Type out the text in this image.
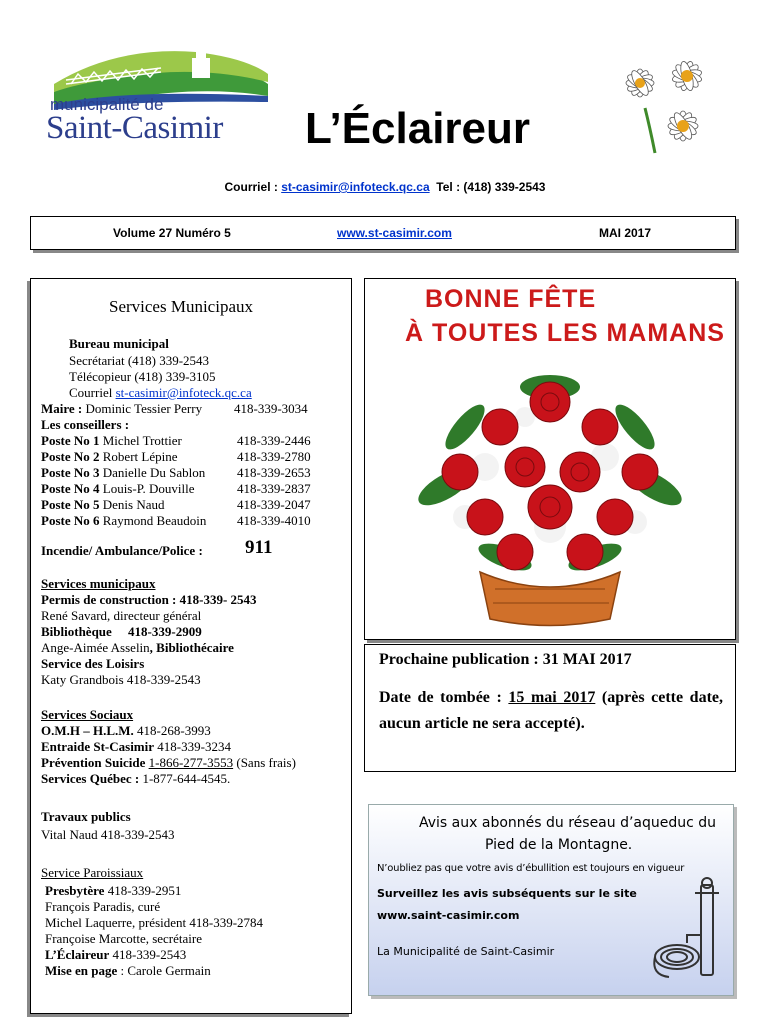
municipalité de
Saint-Casimir L’Éclaireur
Courriel : st-casimir@infoteck.qc.ca Tel : (418) 339-2543
Volume 27 Numéro 5	www.st-casimir.com	MAI 2017
Services Municipaux
Bureau municipal
Secrétariat (418) 339-2543
Télécopieur (418) 339-3105
Courriel st-casimir@infoteck.qc.ca
Maire : Dominic Tessier Perry 418-339-3034
Les conseillers :
Poste No 1 Michel Trottier	418-339-2446
Poste No 2 Robert Lépine	418-339-2780
Poste No 3 Danielle Du Sablon 418-339-2653
Poste No 4 Louis-P. Douville	418-339-2837
Poste No 5 Denis Naud	418-339-2047
Poste No 6 Raymond Beaudoin 418-339-4010
Incendie/ Ambulance/Police : 911
Services municipaux
Permis de construction : 418-339- 2543
René Savard, directeur général
Bibliothèque 418-339-2909
Ange-Aimée Asselin, Bibliothécaire
Service des Loisirs
Katy Grandbois 418-339-2543
Services Sociaux
O.M.H – H.L.M. 418-268-3993
Entraide St-Casimir 418-339-3234
Prévention Suicide 1-866-277-3553 (Sans frais)
Services Québec : 1-877-644-4545.
Travaux publics
Vital Naud 418-339-2543
Service Paroissiaux
Presbytère 418-339-2951
François Paradis, curé
Michel Laquerre, président 418-339-2784
Françoise Marcotte, secrétaire
L’Éclaireur 418-339-2543
Mise en page : Carole Germain
BONNE FÊTE
À TOUTES LES MAMANS
Prochaine publication : 31 MAI 2017
Date de tombée : 15 mai 2017 (après cette date, aucun article ne sera accepté).
Avis aux abonnés du réseau d’aqueduc du
Pied de la Montagne.
N’oubliez pas que votre avis d’ébullition est toujours en vigueur
Surveillez les avis subséquents sur le site
www.saint-casimir.com
La Municipalité de Saint-Casimir
